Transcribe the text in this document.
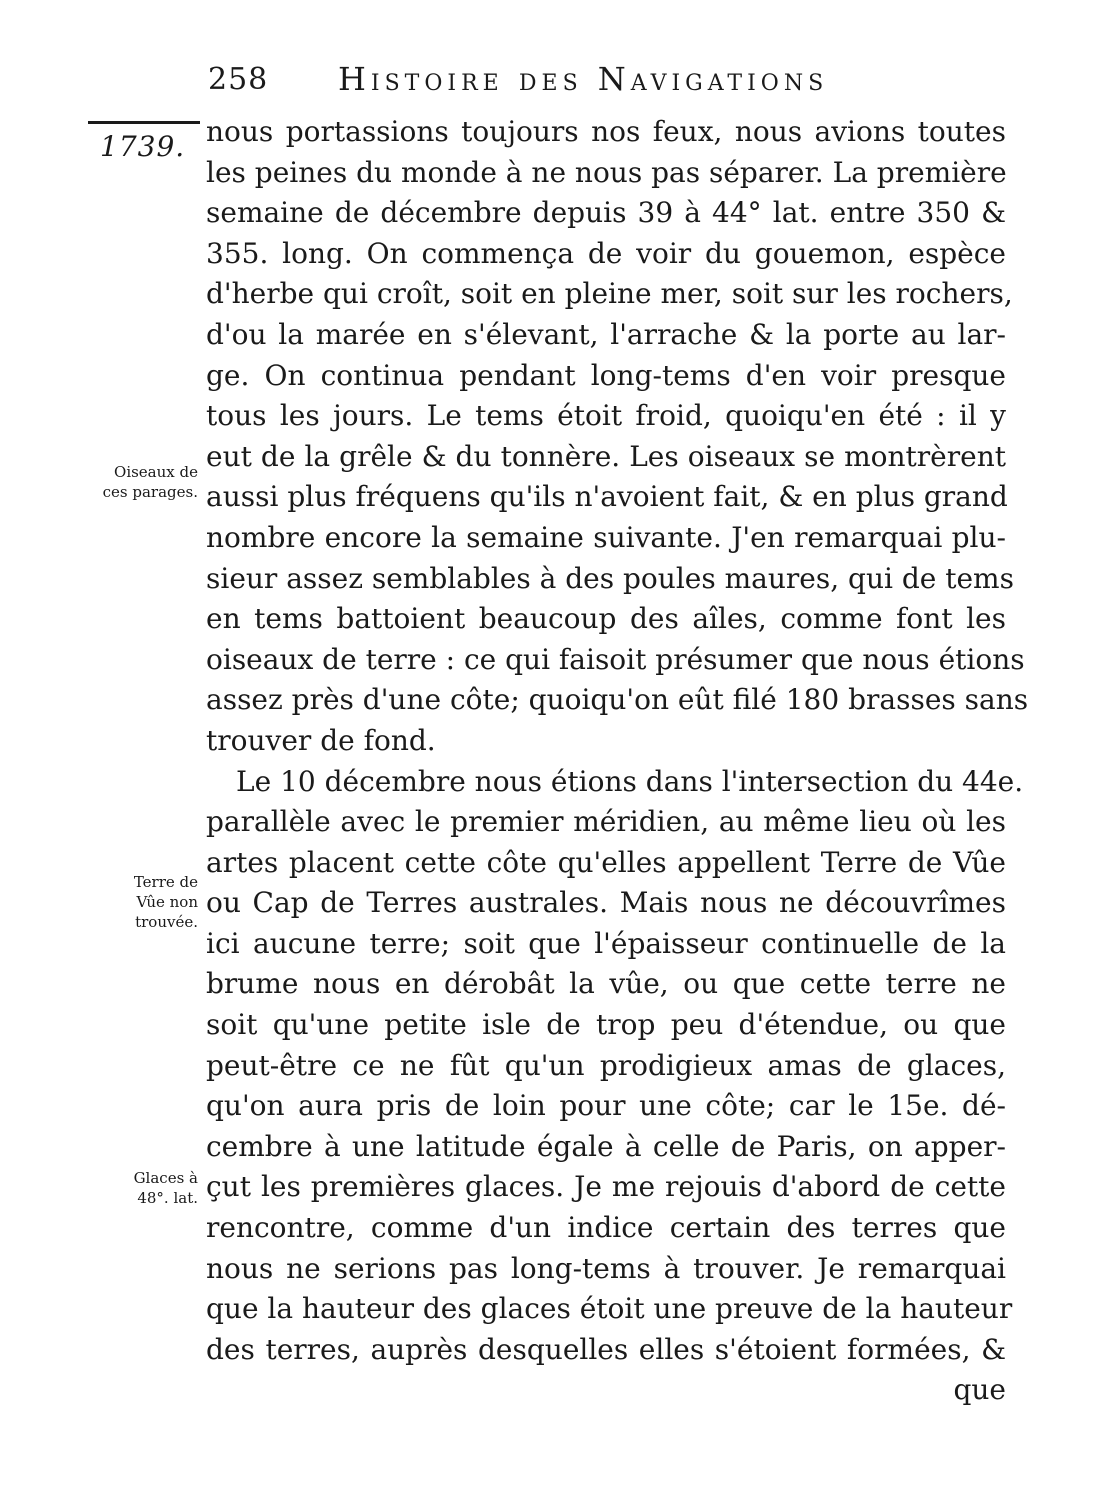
258 Histoire des Navigations
1739.
Oiseaux de
ces parages.
Terre de
Vûe non
trouvée.
Glaces à
48°. lat.
nous portassions toujours nos feux, nous avions toutes
les peines du monde à ne nous pas séparer. La première
semaine de décembre depuis 39 à 44° lat. entre 350 &
355. long. On commença de voir du gouemon, espèce
d'herbe qui croît, soit en pleine mer, soit sur les rochers,
d'ou la marée en s'élevant, l'arrache & la porte au lar-
ge. On continua pendant long-tems d'en voir presque
tous les jours. Le tems étoit froid, quoiqu'en été : il y
eut de la grêle & du tonnère. Les oiseaux se montrèrent
aussi plus fréquens qu'ils n'avoient fait, & en plus grand
nombre encore la semaine suivante. J'en remarquai plu-
sieur assez semblables à des poules maures, qui de tems
en tems battoient beaucoup des aîles, comme font les
oiseaux de terre : ce qui faisoit présumer que nous étions
assez près d'une côte; quoiqu'on eût filé 180 brasses sans
trouver de fond.
Le 10 décembre nous étions dans l'intersection du 44e.
parallèle avec le premier méridien, au même lieu où les
artes placent cette côte qu'elles appellent Terre de Vûe
ou Cap de Terres australes. Mais nous ne découvrîmes
ici aucune terre; soit que l'épaisseur continuelle de la
brume nous en dérobât la vûe, ou que cette terre ne
soit qu'une petite isle de trop peu d'étendue, ou que
peut-être ce ne fût qu'un prodigieux amas de glaces,
qu'on aura pris de loin pour une côte; car le 15e. dé-
cembre à une latitude égale à celle de Paris, on apper-
çut les premières glaces. Je me rejouis d'abord de cette
rencontre, comme d'un indice certain des terres que
nous ne serions pas long-tems à trouver. Je remarquai
que la hauteur des glaces étoit une preuve de la hauteur
des terres, auprès desquelles elles s'étoient formées, &
que
